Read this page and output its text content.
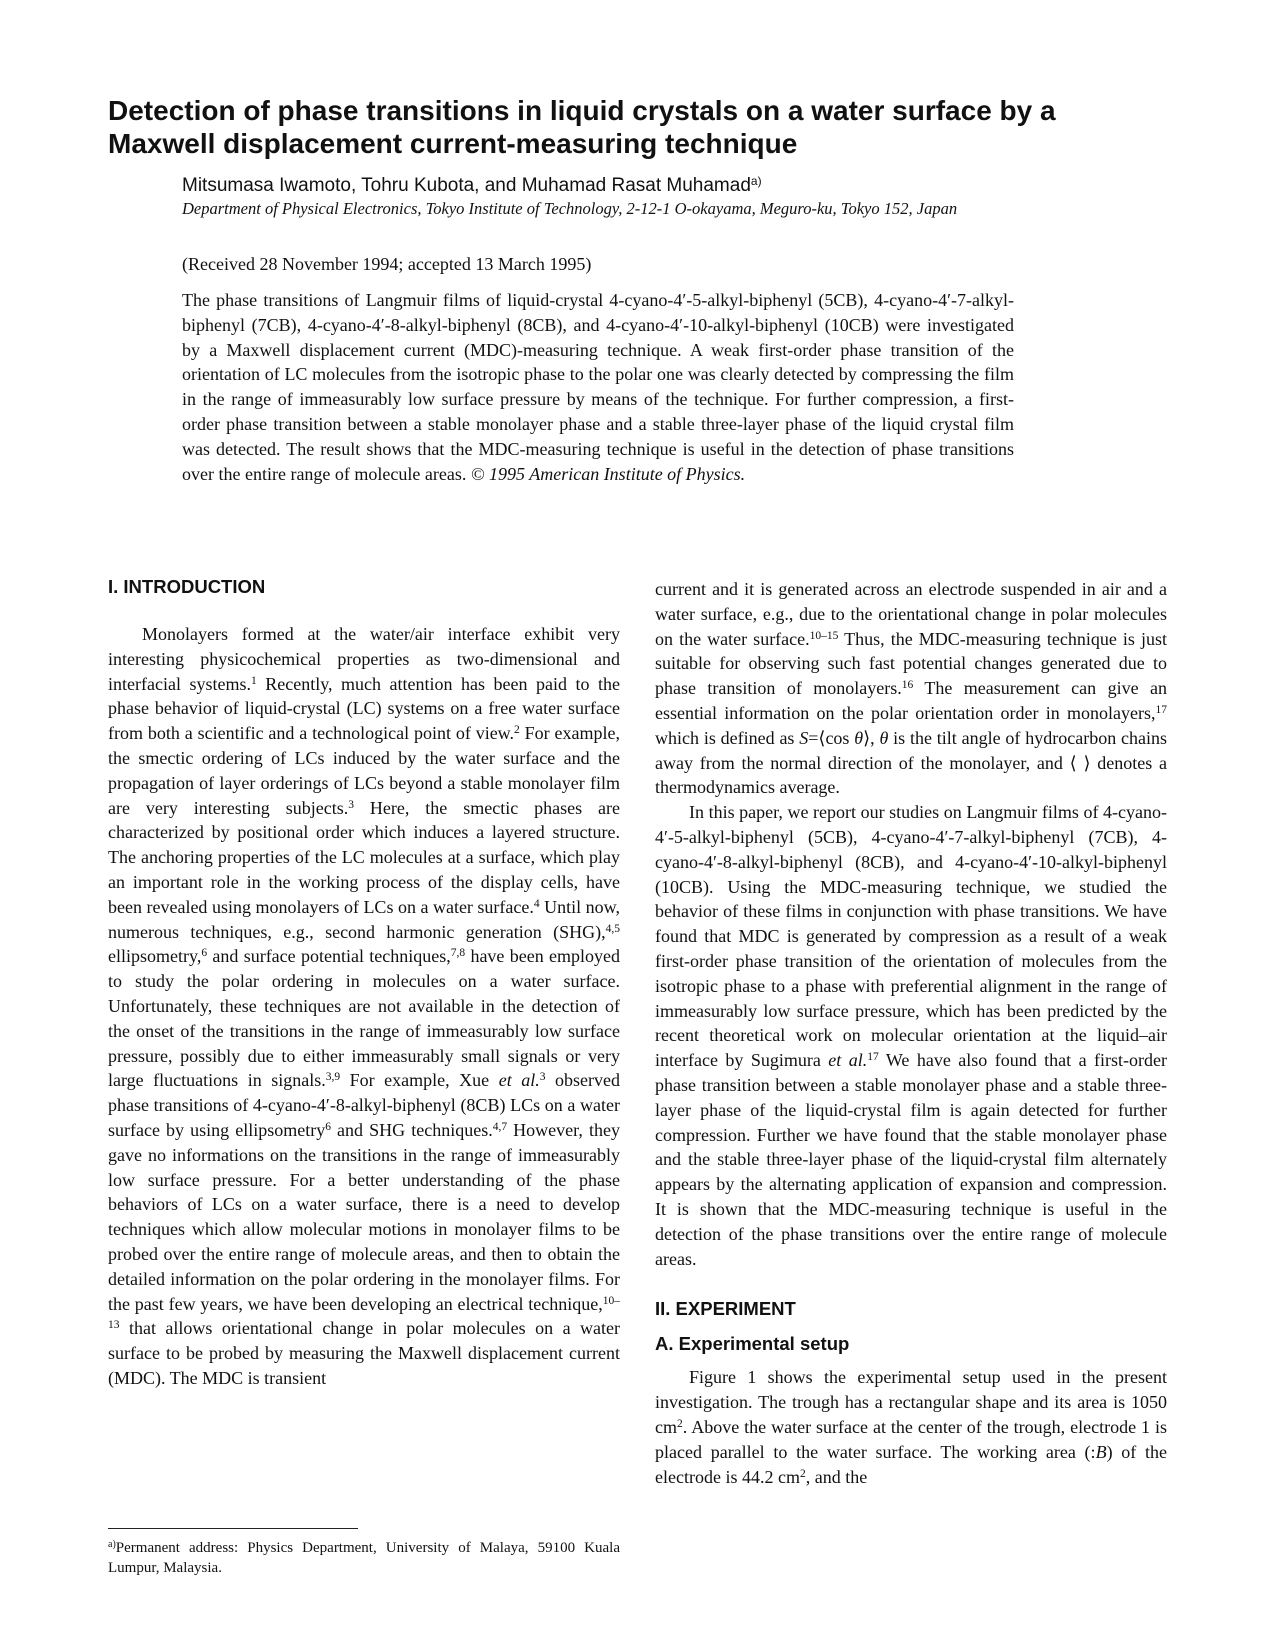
Detection of phase transitions in liquid crystals on a water surface by a Maxwell displacement current-measuring technique
Mitsumasa Iwamoto, Tohru Kubota, and Muhamad Rasat Muhamad$^{a)}$
Department of Physical Electronics, Tokyo Institute of Technology, 2-12-1 O-okayama, Meguro-ku, Tokyo 152, Japan
(Received 28 November 1994; accepted 13 March 1995)

The phase transitions of Langmuir films of liquid-crystal 4-cyano-4′-5-alkyl-biphenyl (5CB), 4-cyano-4′-7-alkyl-biphenyl (7CB), 4-cyano-4′-8-alkyl-biphenyl (8CB), and 4-cyano-4′-10-alkyl-biphenyl (10CB) were investigated by a Maxwell displacement current (MDC)-measuring technique. A weak first-order phase transition of the orientation of LC molecules from the isotropic phase to the polar one was clearly detected by compressing the film in the range of immeasurably low surface pressure by means of the technique. For further compression, a first-order phase transition between a stable monolayer phase and a stable three-layer phase of the liquid crystal film was detected. The result shows that the MDC-measuring technique is useful in the detection of phase transitions over the entire range of molecule areas. © 1995 American Institute of Physics.

I. INTRODUCTION

Monolayers formed at the water/air interface exhibit very interesting physicochemical properties as two-dimensional and interfacial systems.$^1$ Recently, much attention has been paid to the phase behavior of liquid-crystal (LC) systems on a free water surface from both a scientific and a technological point of view.$^2$ For example, the smectic ordering of LCs induced by the water surface and the propagation of layer orderings of LCs beyond a stable monolayer film are very interesting subjects.$^3$ Here, the smectic phases are characterized by positional order which induces a layered structure. The anchoring properties of the LC molecules at a surface, which play an important role in the working process of the display cells, have been revealed using monolayers of LCs on a water surface.$^4$ Until now, numerous techniques, e.g., second harmonic generation (SHG),$^{4,5}$ ellipsometry,$^6$ and surface potential techniques,$^{7,8}$ have been employed to study the polar ordering in molecules on a water surface. Unfortunately, these techniques are not available in the detection of the onset of the transitions in the range of immeasurably low surface pressure, possibly due to either immeasurably small signals or very large fluctuations in signals.$^{3,9}$ For example, Xue et al.$^3$ observed phase transitions of 4-cyano-4′-8-alkyl-biphenyl (8CB) LCs on a water surface by using ellipsometry$^6$ and SHG techniques.$^{4,7}$ However, they gave no informations on the transitions in the range of immeasurably low surface pressure. For a better understanding of the phase behaviors of LCs on a water surface, there is a need to develop techniques which allow molecular motions in monolayer films to be probed over the entire range of molecule areas, and then to obtain the detailed information on the polar ordering in the monolayer films. For the past few years, we have been developing an electrical technique,$^{10-13}$ that allows orientational change in polar molecules on a water surface to be probed by measuring the Maxwell displacement current (MDC). The MDC is transient

current and it is generated across an electrode suspended in air and a water surface, e.g., due to the orientational change in polar molecules on the water surface.$^{10-15}$ Thus, the MDC-measuring technique is just suitable for observing such fast potential changes generated due to phase transition of monolayers.$^{16}$ The measurement can give an essential information on the polar orientation order in monolayers,$^{17}$ which is defined as S=⟨cos θ⟩, θ is the tilt angle of hydrocarbon chains away from the normal direction of the monolayer, and ⟨ ⟩ denotes a thermodynamics average.

In this paper, we report our studies on Langmuir films of 4-cyano-4′-5-alkyl-biphenyl (5CB), 4-cyano-4′-7-alkyl-biphenyl (7CB), 4-cyano-4′-8-alkyl-biphenyl (8CB), and 4-cyano-4′-10-alkyl-biphenyl (10CB). Using the MDC-measuring technique, we studied the behavior of these films in conjunction with phase transitions. We have found that MDC is generated by compression as a result of a weak first-order phase transition of the orientation of molecules from the isotropic phase to a phase with preferential alignment in the range of immeasurably low surface pressure, which has been predicted by the recent theoretical work on molecular orientation at the liquid–air interface by Sugimura et al.$^{17}$ We have also found that a first-order phase transition between a stable monolayer phase and a stable three-layer phase of the liquid-crystal film is again detected for further compression. Further we have found that the stable monolayer phase and the stable three-layer phase of the liquid-crystal film alternately appears by the alternating application of expansion and compression. It is shown that the MDC-measuring technique is useful in the detection of the phase transitions over the entire range of molecule areas.

II. EXPERIMENT
A. Experimental setup

Figure 1 shows the experimental setup used in the present investigation. The trough has a rectangular shape and its area is 1050 $cm^2$. Above the water surface at the center of the trough, electrode 1 is placed parallel to the water surface. The working area (:B) of the electrode is 44.2 $cm^2$, and the

$^{a)}$Permanent address: Physics Department, University of Malaya, 59100 Kuala Lumpur, Malaysia.
